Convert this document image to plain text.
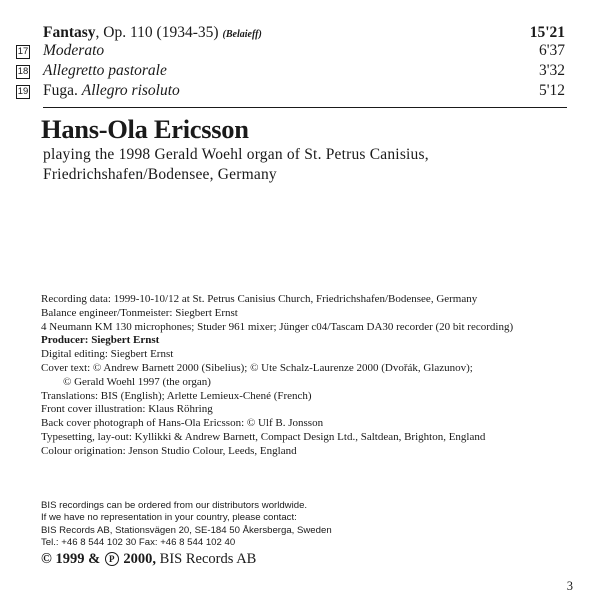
Fantasy, Op. 110 (1934-35) (Belaieff)	15'21
17 Moderato	6'37
18 Allegretto pastorale	3'32
19 Fuga. Allegro risoluto	5'12
Hans-Ola Ericsson
playing the 1998 Gerald Woehl organ of St. Petrus Canisius,
Friedrichshafen/Bodensee, Germany
Recording data: 1999-10-10/12 at St. Petrus Canisius Church, Friedrichshafen/Bodensee, Germany
Balance engineer/Tonmeister: Siegbert Ernst
4 Neumann KM 130 microphones; Studer 961 mixer; Jünger c04/Tascam DA30 recorder (20 bit recording)
Producer: Siegbert Ernst
Digital editing: Siegbert Ernst
Cover text: © Andrew Barnett 2000 (Sibelius); © Ute Schalz-Laurenze 2000 (Dvořák, Glazunov);
© Gerald Woehl 1997 (the organ)
Translations: BIS (English); Arlette Lemieux-Chené (French)
Front cover illustration: Klaus Röhring
Back cover photograph of Hans-Ola Ericsson: © Ulf B. Jonsson
Typesetting, lay-out: Kyllikki & Andrew Barnett, Compact Design Ltd., Saltdean, Brighton, England
Colour origination: Jenson Studio Colour, Leeds, England
BIS recordings can be ordered from our distributors worldwide.
If we have no representation in your country, please contact:
BIS Records AB, Stationsvägen 20, SE-184 50 Åkersberga, Sweden
Tel.: +46 8 544 102 30 Fax: +46 8 544 102 40
© 1999 & P 2000, BIS Records AB
3
